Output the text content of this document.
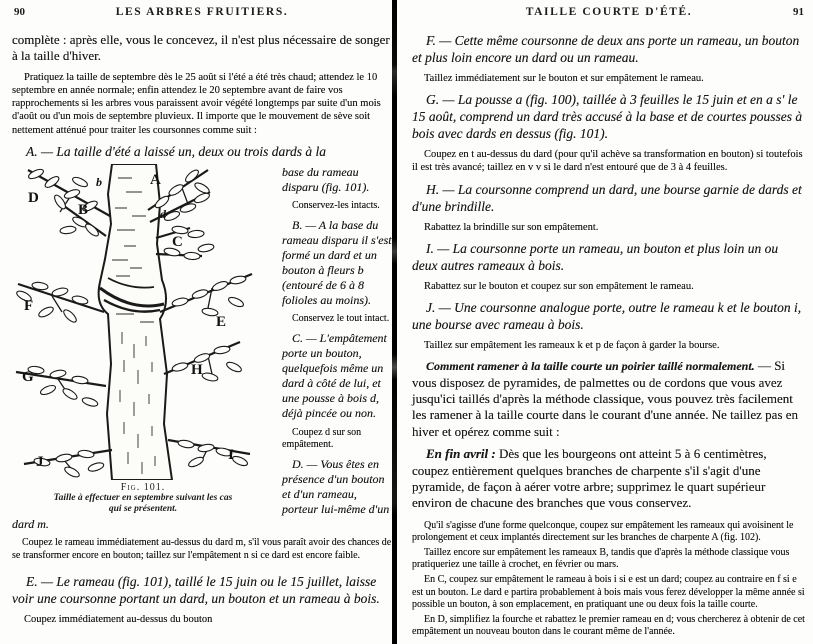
90	LES ARBRES FRUITIERS.

complète : après elle, vous le concevez, il n'est plus nécessaire de songer à la taille d'hiver.

Pratiquez la taille de septembre dès le 25 août si l'été a été très chaud; attendez le 10 septembre en année normale; enfin attendez le 20 septembre avant de faire vos rapprochements si les arbres vous paraissent avoir végété longtemps par suite d'un mois d'août ou d'un mois de septembre pluvieux. Il importe que le mouvement de sève soit nettement atténué pour traiter les coursonnes comme suit :

A. — La taille d'été a laissé un, deux ou trois dards à la

D
b	A
B	d
C
F
E
G	H
J	I
Fig. 101.
Taille à effectuer en septembre suivant les cas
qui se présentent.

base du rameau disparu (fig. 101).

Conservez-les intacts.

B. — A la base du rameau disparu il s'est formé un dard et un bouton à fleurs b (entouré de 6 à 8 folioles au moins).

Conservez le tout intact.

C. — L'empâtement porte un bouton, quelquefois même un dard à côté de lui, et une pousse à bois d, déjà pincée ou non.

Coupez d sur son empâtement.

D. — Vous êtes en présence d'un bouton et d'un rameau, porteur lui-même d'un dard m.

Coupez le rameau immédiatement au-dessus du dard m, s'il vous paraît avoir des chances de se transformer encore en bouton; taillez sur l'empâtement n si ce dard est encore faible.

E. — Le rameau (fig. 101), taillé le 15 juin ou le 15 juillet, laisse voir une coursonne portant un dard, un bouton et un rameau à bois.

Coupez immédiatement au-dessus du bouton

TAILLE COURTE D'ÉTÉ.	91

F. — Cette même coursonne de deux ans porte un rameau, un bouton et plus loin encore un dard ou un rameau.

Taillez immédiatement sur le bouton et sur empâtement le rameau.

G. — La pousse a (fig. 100), taillée à 3 feuilles le 15 juin et en a s' le 15 août, comprend un dard très accusé à la base et de courtes pousses à bois avec dards en dessus (fig. 101).

Coupez en t au-dessus du dard (pour qu'il achève sa transformation en bouton) si toutefois il est très avancé; taillez en v v si le dard n'est entouré que de 3 à 4 feuilles.

H. — La coursonne comprend un dard, une bourse garnie de dards et d'une brindille.

Rabattez la brindille sur son empâtement.

I. — La coursonne porte un rameau, un bouton et plus loin un ou deux autres rameaux à bois.

Rabattez sur le bouton et coupez sur son empâtement le rameau.

J. — Une coursonne analogue porte, outre le rameau k et le bouton i, une bourse avec rameau à bois.

Taillez sur empâtement les rameaux k et p de façon à garder la bourse.

Comment ramener à la taille courte un poirier taillé normalement. — Si vous disposez de pyramides, de palmettes ou de cordons que vous avez jusqu'ici taillés d'après la méthode classique, vous pouvez très facilement les ramener à la taille courte dans le courant d'une année. Ne taillez pas en hiver et opérez comme suit :

En fin avril : Dès que les bourgeons ont atteint 5 à 6 centimètres, coupez entièrement quelques branches de charpente s'il s'agit d'une pyramide, de façon à aérer votre arbre; supprimez le quart supérieur environ de chacune des branches que vous conservez.

Qu'il s'agisse d'une forme quelconque, coupez sur empâtement les rameaux qui avoisinent le prolongement et ceux implantés directement sur les branches de charpente A (fig. 102).

Taillez encore sur empâtement les rameaux B, tandis que d'après la méthode classique vous pratiqueriez une taille à crochet, en février ou mars.

En C, coupez sur empâtement le rameau à bois i si e est un dard; coupez au contraire en f si e est un bouton. Le dard e partira probablement à bois mais vous ferez développer la même année si possible un bouton, à son emplacement, en pratiquant une ou deux fois la taille courte.

En D, simplifiez la fourche et rabattez le premier rameau en d; vous chercherez à obtenir de cet empâtement un nouveau bouton dans le courant même de l'année.
